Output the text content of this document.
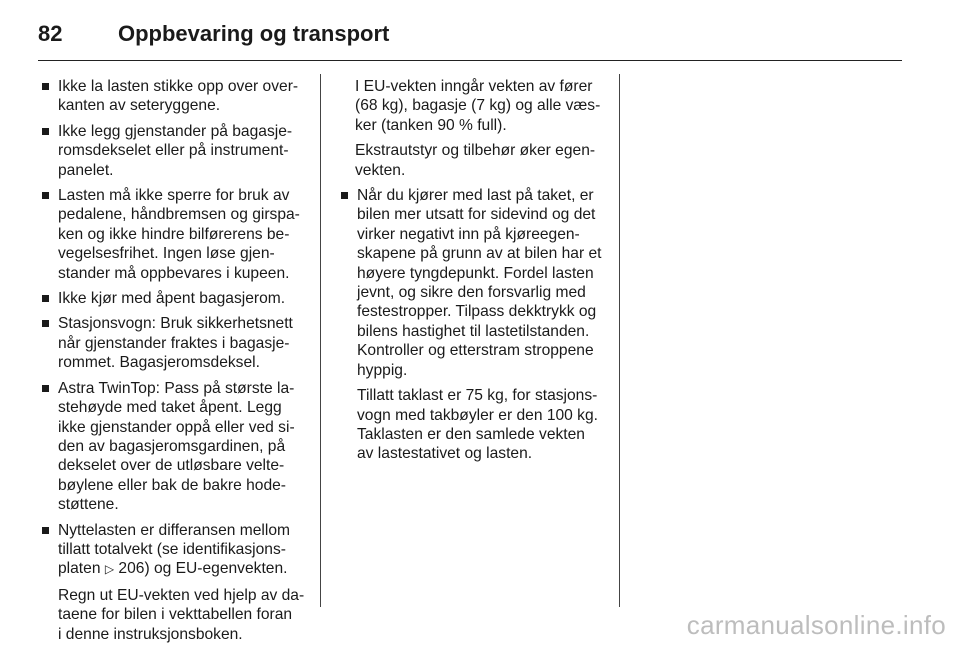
82	Oppbevaring og transport
Ikke la lasten stikke opp over over-
kanten av seteryggene.
Ikke legg gjenstander på bagasje-
romsdekselet eller på instrument-
panelet.
Lasten må ikke sperre for bruk av
pedalene, håndbremsen og girspa-
ken og ikke hindre bilførerens be-
vegelsesfrihet. Ingen løse gjen-
stander må oppbevares i kupeen.
Ikke kjør med åpent bagasjerom.
Stasjonsvogn: Bruk sikkerhetsnett
når gjenstander fraktes i bagasje-
rommet. Bagasjeromsdeksel.
Astra TwinTop: Pass på største la-
stehøyde med taket åpent. Legg
ikke gjenstander oppå eller ved si-
den av bagasjeromsgardinen, på
dekselet over de utløsbare velte-
bøylene eller bak de bakre hode-
støttene.
Nyttelasten er differansen mellom
tillatt totalvekt (se identifikasjons-
platen ▷ 206) og EU-egenvekten.
Regn ut EU-vekten ved hjelp av da-
taene for bilen i vekttabellen foran
i denne instruksjonsboken.
I EU-vekten inngår vekten av fører
(68 kg), bagasje (7 kg) og alle væs-
ker (tanken 90 % full).
Ekstrautstyr og tilbehør øker egen-
vekten.
Når du kjører med last på taket, er
bilen mer utsatt for sidevind og det
virker negativt inn på kjøreegen-
skapene på grunn av at bilen har et
høyere tyngdepunkt. Fordel lasten
jevnt, og sikre den forsvarlig med
festestropper. Tilpass dekktrykk og
bilens hastighet til lastetilstanden.
Kontroller og etterstram stroppene
hyppig.
Tillatt taklast er 75 kg, for stasjons-
vogn med takbøyler er den 100 kg.
Taklasten er den samlede vekten
av lastestativet og lasten.
carmanualsonline.info
